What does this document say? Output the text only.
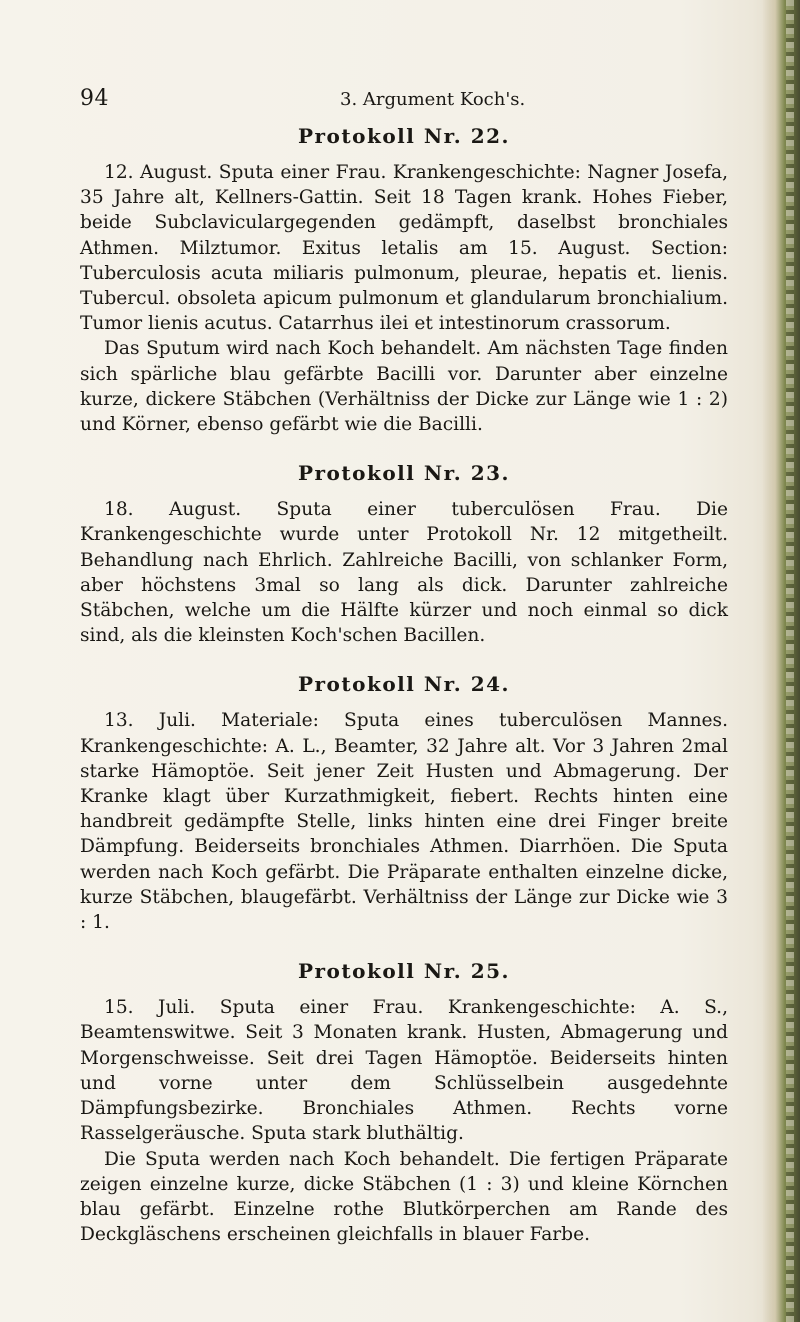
94	3. Argument Koch's.
Protokoll Nr. 22.

12. August. Sputa einer Frau. Krankengeschichte: Nagner Josefa, 35 Jahre alt, Kellners-Gattin. Seit 18 Tagen krank. Hohes Fieber, beide Subclaviculargegenden gedämpft, daselbst bronchiales Athmen. Milztumor. Exitus letalis am 15. August. Section: Tuberculosis acuta miliaris pulmonum, pleurae, hepatis et. lienis. Tubercul. obsoleta apicum pulmonum et glandularum bronchialium. Tumor lienis acutus. Catarrhus ilei et intestinorum crassorum.

Das Sputum wird nach Koch behandelt. Am nächsten Tage finden sich spärliche blau gefärbte Bacilli vor. Darunter aber einzelne kurze, dickere Stäbchen (Verhältniss der Dicke zur Länge wie 1 : 2) und Körner, ebenso gefärbt wie die Bacilli.

Protokoll Nr. 23.

18. August. Sputa einer tuberculösen Frau. Die Krankengeschichte wurde unter Protokoll Nr. 12 mitgetheilt. Behandlung nach Ehrlich. Zahlreiche Bacilli, von schlanker Form, aber höchstens 3mal so lang als dick. Darunter zahlreiche Stäbchen, welche um die Hälfte kürzer und noch einmal so dick sind, als die kleinsten Koch'schen Bacillen.

Protokoll Nr. 24.

13. Juli. Materiale: Sputa eines tuberculösen Mannes. Krankengeschichte: A. L., Beamter, 32 Jahre alt. Vor 3 Jahren 2mal starke Hämoptöe. Seit jener Zeit Husten und Abmagerung. Der Kranke klagt über Kurzathmigkeit, fiebert. Rechts hinten eine handbreit gedämpfte Stelle, links hinten eine drei Finger breite Dämpfung. Beiderseits bronchiales Athmen. Diarrhöen. Die Sputa werden nach Koch gefärbt. Die Präparate enthalten einzelne dicke, kurze Stäbchen, blaugefärbt. Verhältniss der Länge zur Dicke wie 3 : 1.

Protokoll Nr. 25.

15. Juli. Sputa einer Frau. Krankengeschichte: A. S., Beamtenswitwe. Seit 3 Monaten krank. Husten, Abmagerung und Morgenschweisse. Seit drei Tagen Hämoptöe. Beiderseits hinten und vorne unter dem Schlüsselbein ausgedehnte Dämpfungsbezirke. Bronchiales Athmen. Rechts vorne Rasselgeräusche. Sputa stark bluthältig.

Die Sputa werden nach Koch behandelt. Die fertigen Präparate zeigen einzelne kurze, dicke Stäbchen (1 : 3) und kleine Körnchen blau gefärbt. Einzelne rothe Blutkörperchen am Rande des Deckgläschens erscheinen gleichfalls in blauer Farbe.
